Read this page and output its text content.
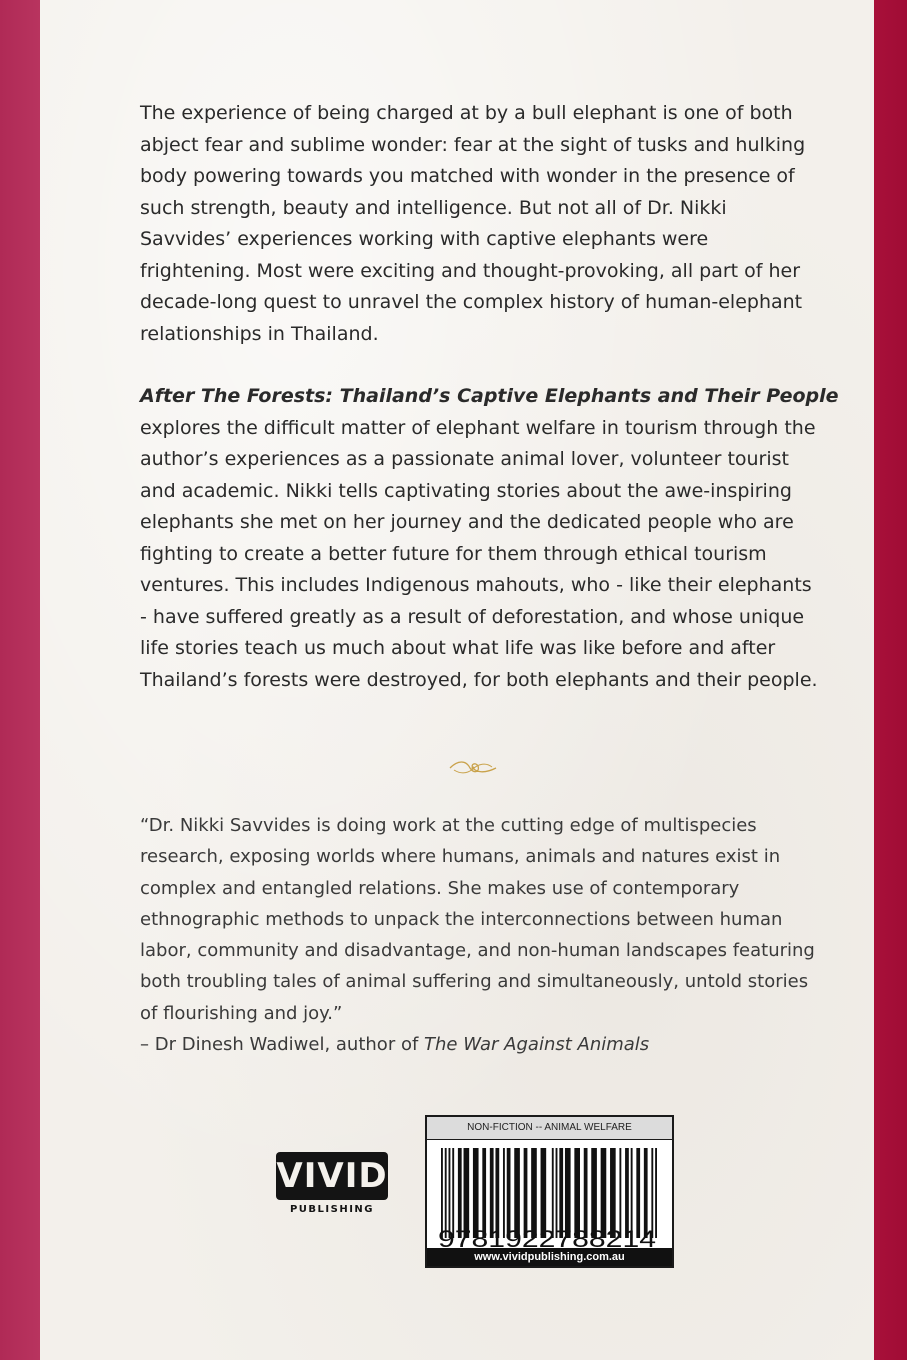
The experience of being charged at by a bull elephant is one of both abject fear and sublime wonder: fear at the sight of tusks and hulking body powering towards you matched with wonder in the presence of such strength, beauty and intelligence. But not all of Dr. Nikki Savvides’ experiences working with captive elephants were frightening. Most were exciting and thought-provoking, all part of her decade-long quest to unravel the complex history of human-elephant relationships in Thailand.

After The Forests: Thailand’s Captive Elephants and Their People
explores the difficult matter of elephant welfare in tourism through the author’s experiences as a passionate animal lover, volunteer tourist and academic. Nikki tells captivating stories about the awe-inspiring elephants she met on her journey and the dedicated people who are fighting to create a better future for them through ethical tourism ventures. This includes Indigenous mahouts, who - like their elephants - have suffered greatly as a result of deforestation, and whose unique life stories teach us much about what life was like before and after Thailand’s forests were destroyed, for both elephants and their people.

“Dr. Nikki Savvides is doing work at the cutting edge of multispecies research, exposing worlds where humans, animals and natures exist in complex and entangled relations. She makes use of contemporary ethnographic methods to unpack the interconnections between human labor, community and disadvantage, and non-human landscapes featuring both troubling tales of animal suffering and simultaneously, untold stories of flourishing and joy.”

– Dr Dinesh Wadiwel, author of The War Against Animals

VIVID
PUBLISHING
NON-FICTION -- ANIMAL WELFARE
www.vividpublishing.com.au
9781922788214
